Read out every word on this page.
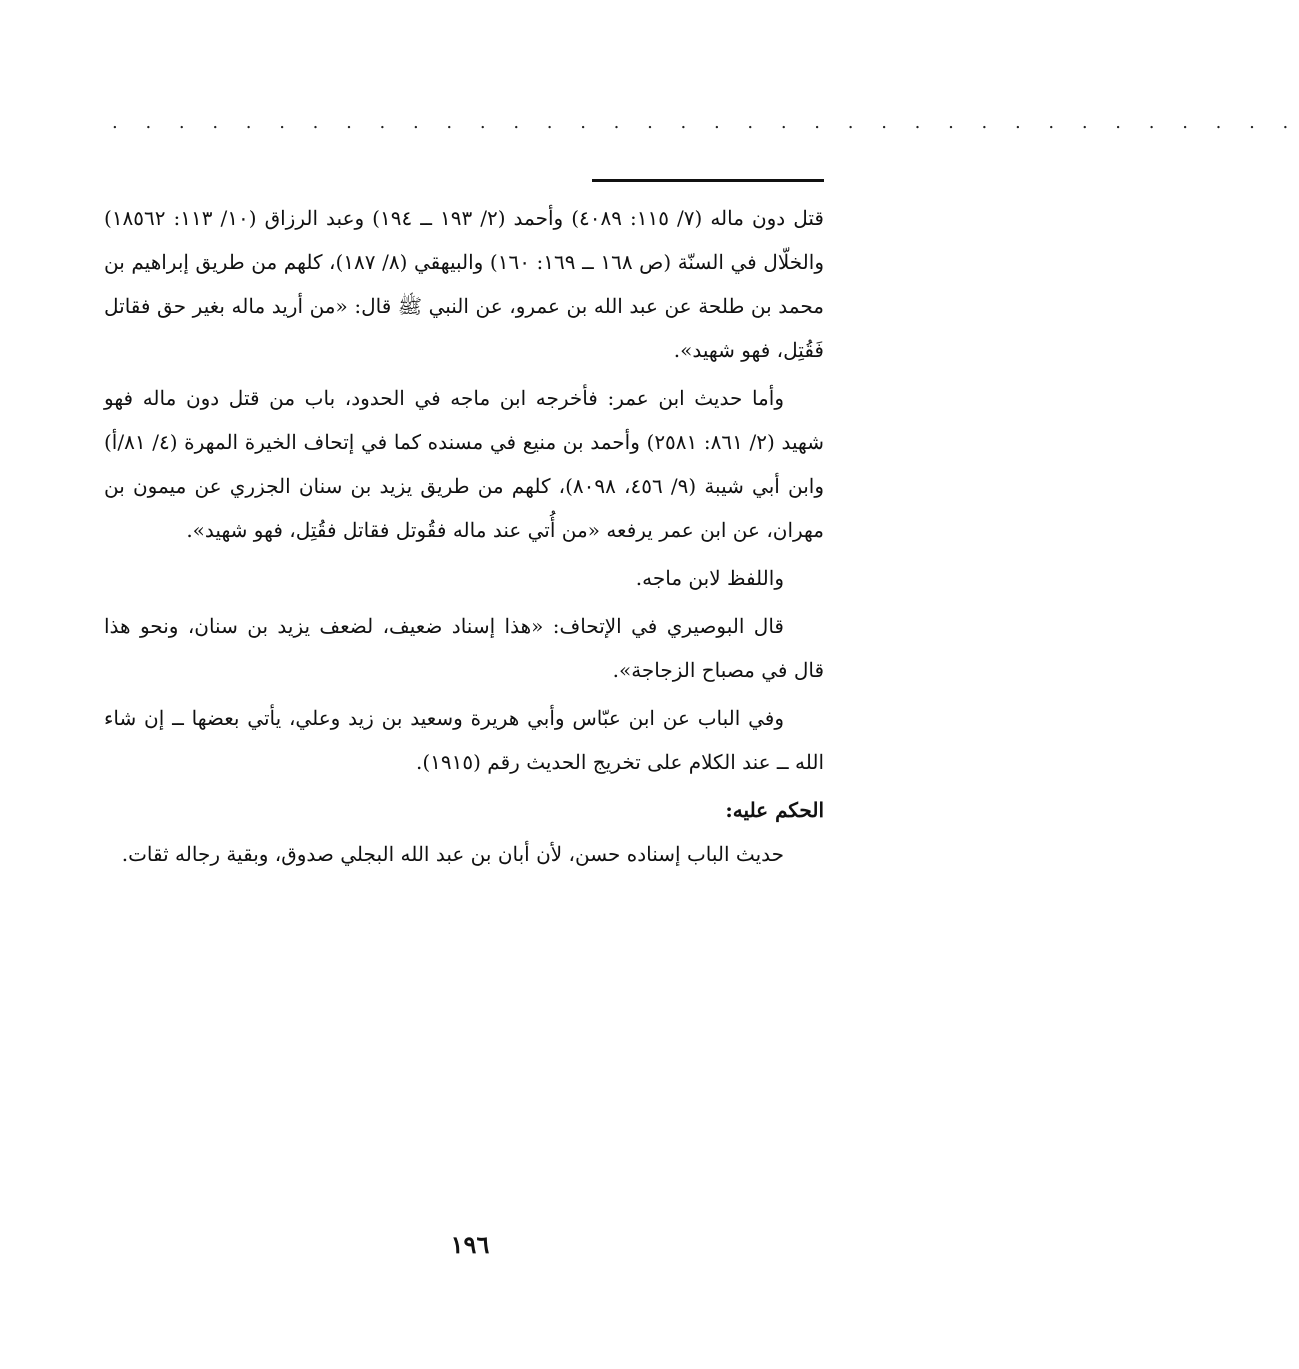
. . . . . . . . . . . . . . . . . . . . . . . . . . . . . . . . . . . .

قتل دون ماله (٧/ ١١٥: ٤٠٨٩) وأحمد (٢/ ١٩٣ ــ ١٩٤) وعبد الرزاق (١٠/ ١١٣: ١٨٥٦٢) والخلّال في السنّة (ص ١٦٨ ــ ١٦٩: ١٦٠) والبيهقي (٨/ ١٨٧)، كلهم من طريق إبراهيم بن محمد بن طلحة عن عبد الله بن عمرو، عن النبي ﷺ قال: «من أريد ماله بغير حق فقاتل فَقُتِل، فهو شهيد».

وأما حديث ابن عمر: فأخرجه ابن ماجه في الحدود، باب من قتل دون ماله فهو شهيد (٢/ ٨٦١: ٢٥٨١) وأحمد بن منيع في مسنده كما في إتحاف الخيرة المهرة (٤/ ٨١/أ) وابن أبي شيبة (٩/ ٤٥٦، ٨٠٩٨)، كلهم من طريق يزيد بن سنان الجزري عن ميمون بن مهران، عن ابن عمر يرفعه «من أُتي عند ماله فقُوتل فقاتل فقُتِل، فهو شهيد».

واللفظ لابن ماجه.

قال البوصيري في الإتحاف: «هذا إسناد ضعيف، لضعف يزيد بن سنان، ونحو هذا قال في مصباح الزجاجة».

وفي الباب عن ابن عبّاس وأبي هريرة وسعيد بن زيد وعلي، يأتي بعضها ــ إن شاء الله ــ عند الكلام على تخريج الحديث رقم (١٩١٥).

الحكم عليه:

حديث الباب إسناده حسن، لأن أبان بن عبد الله البجلي صدوق، وبقية رجاله ثقات.

١٩٦
